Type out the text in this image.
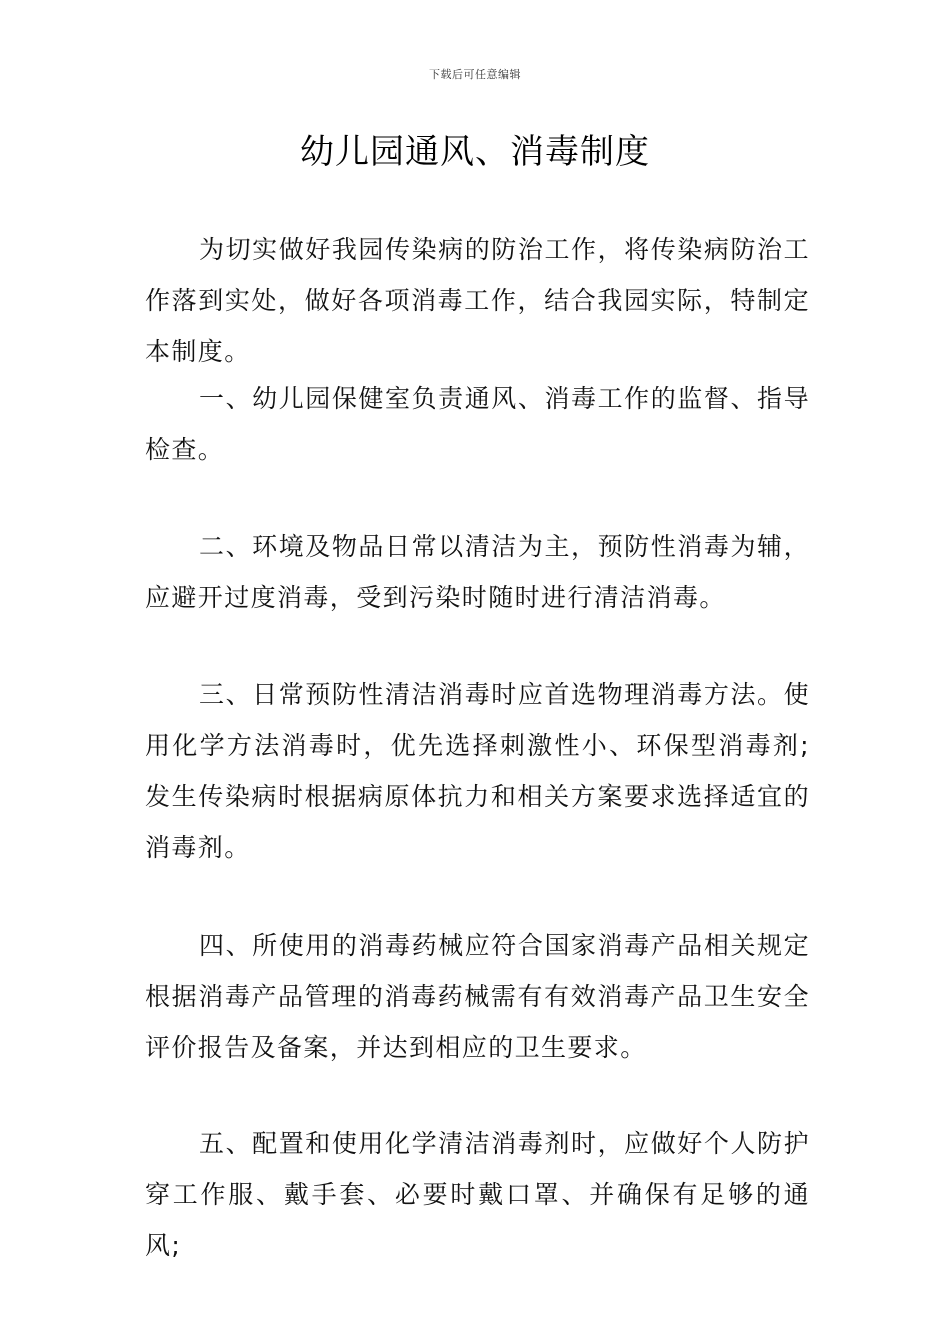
下载后可任意编辑
幼儿园通风、消毒制度

为切实做好我园传染病的防治工作，将传染病防治工作落到实处，做好各项消毒工作，结合我园实际，特制定本制度。

一、幼儿园保健室负责通风、消毒工作的监督、指导检查。

二、环境及物品日常以清洁为主，预防性消毒为辅，应避开过度消毒，受到污染时随时进行清洁消毒。

三、日常预防性清洁消毒时应首选物理消毒方法。使用化学方法消毒时，优先选择刺激性小、环保型消毒剂;发生传染病时根据病原体抗力和相关方案要求选择适宜的消毒剂。

四、所使用的消毒药械应符合国家消毒产品相关规定根据消毒产品管理的消毒药械需有有效消毒产品卫生安全评价报告及备案，并达到相应的卫生要求。

五、配置和使用化学清洁消毒剂时，应做好个人防护穿工作服、戴手套、必要时戴口罩、并确保有足够的通风;
